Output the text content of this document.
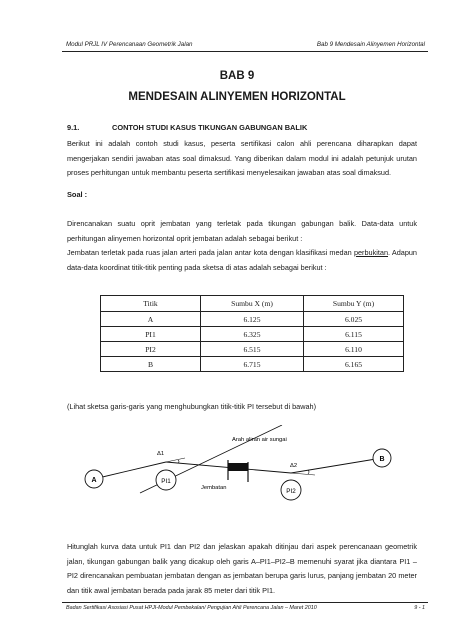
Modul PRJL IV Perencanaan Geometrik Jalan	Bab 9 Mendesain Alinyemen Horizontal
BAB 9
MENDESAIN ALINYEMEN HORIZONTAL
9.1.	CONTOH STUDI KASUS TIKUNGAN GABUNGAN BALIK
Berikut ini adalah contoh studi kasus, peserta sertifikasi calon ahli perencana diharapkan dapat mengerjakan sendiri jawaban atas soal dimaksud. Yang diberikan dalam modul ini adalah petunjuk urutan proses perhitungan untuk membantu peserta sertifikasi menyelesaikan jawaban atas soal dimaksud.
Soal :
Direncanakan suatu oprit jembatan yang terletak pada tikungan gabungan balik. Data-data untuk perhitungan alinyemen horizontal oprit jembatan adalah sebagai berikut :
Jembatan terletak pada ruas jalan arteri pada jalan antar kota dengan klasifikasi medan perbukitan. Adapun data-data koordinat titik-titik penting pada sketsa di atas adalah sebagai berikut :
Titik	Sumbu X (m)	Sumbu Y (m)
A	6.125	6.025
PI1	6.325	6.115
PI2	6.515	6.110
B	6.715	6.165
(Lihat sketsa garis-garis yang menghubungkan titik-titik PI tersebut di bawah)
A	PI1
PI2
B
Δ1
Δ2
Arah aliran air sungai
Jembatan
Hitunglah kurva data untuk PI1 dan PI2 dan jelaskan apakah ditinjau dari aspek perencanaan geometrik jalan, tikungan gabungan balik yang dicakup oleh garis A–PI1–PI2–B memenuhi syarat jika diantara PI1 – PI2 direncanakan pembuatan jembatan dengan as jembatan berupa garis lurus, panjang jembatan 20 meter dan titik awal jembatan berada pada jarak 85 meter dari titik PI1.
Badan Sertifikasi Asosiasi Pusat HPJI-Modul Pembekalan/ Pengujian Ahli Perencana Jalan – Maret 2010	9 - 1
